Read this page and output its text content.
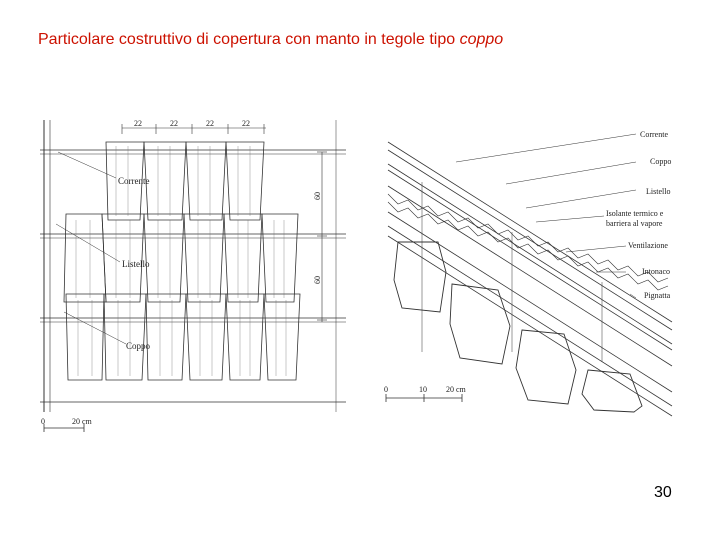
Particolare costruttivo di copertura con manto in tegole tipo coppo
22	22	22	22
60
60
Corrente
Listello
Coppo
0	20 cm
Corrente
Coppo
Listello
Isolante termico e
barriera al vapore
Ventilazione
Intonaco
Pignatta
0	10 20 cm
30
